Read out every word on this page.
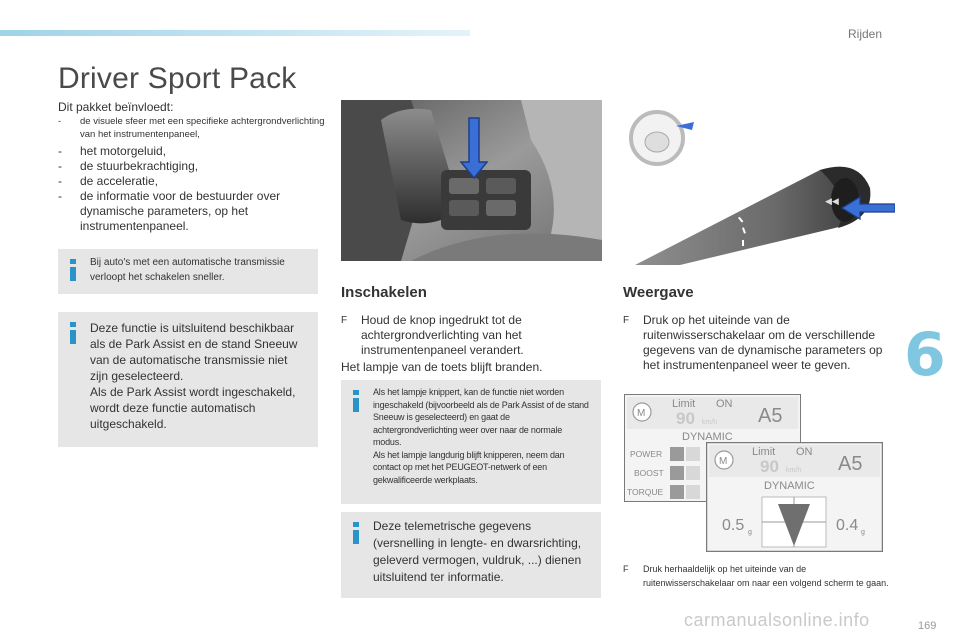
Rijden
6
169
carmanualsonline.info
Driver Sport Pack
Dit pakket beïnvloedt:
- de visuele sfeer met een specifieke achtergrondverlichting van het instrumentenpaneel,
- het motorgeluid,
- de stuurbekrachtiging,
- de acceleratie,
- de informatie voor de bestuurder over dynamische parameters, op het instrumentenpaneel.

Bij auto's met een automatische transmissie verloopt het schakelen sneller.

Deze functie is uitsluitend beschikbaar als de Park Assist en de stand Sneeuw van de automatische transmissie niet zijn geselecteerd.
Als de Park Assist wordt ingeschakeld, wordt deze functie automatisch uitgeschakeld.

◀◀
Inschakelen
F	Houd de knop ingedrukt tot de achtergrondverlichting van het instrumentenpaneel verandert.
Het lampje van de toets blijft branden.

Als het lampje knippert, kan de functie niet worden ingeschakeld (bijvoorbeeld als de Park Assist of de stand Sneeuw is geselecteerd) en gaat de achtergrondverlichting weer over naar de normale modus.
Als het lampje langdurig blijft knipperen, neem dan contact op met het PEUGEOT-netwerk of een gekwalificeerde werkplaats.

Deze telemetrische gegevens (versnelling in lengte- en dwarsrichting, geleverd vermogen, vuldruk, ...) dienen uitsluitend ter informatie.

Weergave
F	Druk op het uiteinde van de ruitenwisserschakelaar om de verschillende gegevens van de dynamische parameters op het instrumentenpaneel weer te geven.
M
Limit ON
90 km/h A5
DYNAMIC
POWER
BOOST
TORQUE
M
Limit ON
90 km/h A5
DYNAMIC
0.5 g	0.4 g
F	Druk herhaaldelijk op het uiteinde van de ruitenwisserschakelaar om naar een volgend scherm te gaan.
